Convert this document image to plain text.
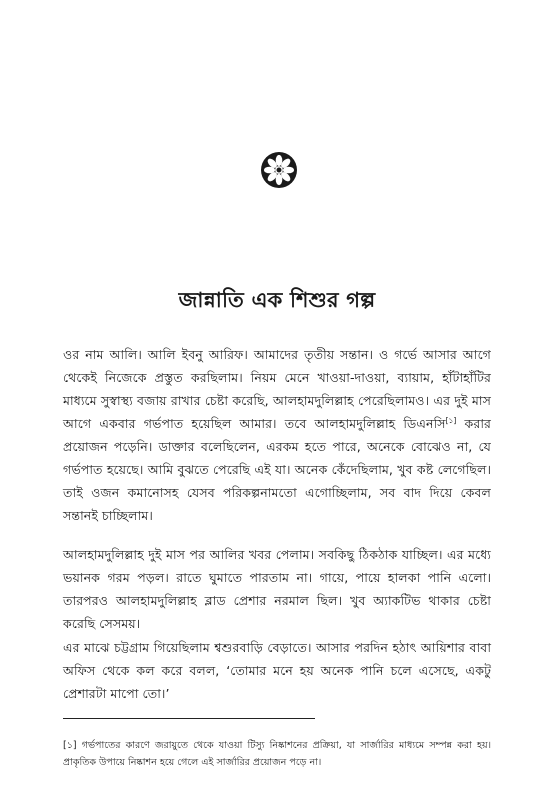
জান্নাতি এক শিশুর গল্প

ওর নাম আলি। আলি ইবনু আরিফ। আমাদের তৃতীয় সন্তান। ও গর্ভে আসার আগে থেকেই নিজেকে প্রস্তুত করছিলাম। নিয়ম মেনে খাওয়া-দাওয়া, ব্যায়াম, হাঁটাহাঁটির মাধ্যমে সুস্বাস্থ্য বজায় রাখার চেষ্টা করেছি, আলহামদুলিল্লাহ পেরেছিলামও। এর দুই মাস আগে একবার গর্ভপাত হয়েছিল আমার। তবে আলহামদুলিল্লাহ ডিএনসি[১] করার প্রয়োজন পড়েনি। ডাক্তার বলেছিলেন, এরকম হতে পারে, অনেকে বোঝেও না, যে গর্ভপাত হয়েছে। আমি বুঝতে পেরেছি এই যা। অনেক কেঁদেছিলাম, খুব কষ্ট লেগেছিল। তাই ওজন কমানোসহ যেসব পরিকল্পনামতো এগোচ্ছিলাম, সব বাদ দিয়ে কেবল সন্তানই চাচ্ছিলাম।

আলহামদুলিল্লাহ দুই মাস পর আলির খবর পেলাম। সবকিছু ঠিকঠাক যাচ্ছিল। এর মধ্যে ভয়ানক গরম পড়ল। রাতে ঘুমাতে পারতাম না। গায়ে, পায়ে হালকা পানি এলো। তারপরও আলহামদুলিল্লাহ ব্লাড প্রেশার নরমাল ছিল। খুব অ্যাকটিভ থাকার চেষ্টা করেছি সেসময়।

এর মাঝে চট্টগ্রাম গিয়েছিলাম শ্বশুরবাড়ি বেড়াতে। আসার পরদিন হঠাৎ আয়িশার বাবা অফিস থেকে কল করে বলল, ‘তোমার মনে হয় অনেক পানি চলে এসেছে, একটু প্রেশারটা মাপো তো।’

[১] গর্ভপাতের কারণে জরায়ুতে থেকে যাওয়া টিস্যু নিষ্কাশনের প্রক্রিয়া, যা সার্জারির মাধ্যমে সম্পন্ন করা হয়। প্রাকৃতিক উপায়ে নিষ্কাশন হয়ে গেলে এই সার্জারির প্রয়োজন পড়ে না।
